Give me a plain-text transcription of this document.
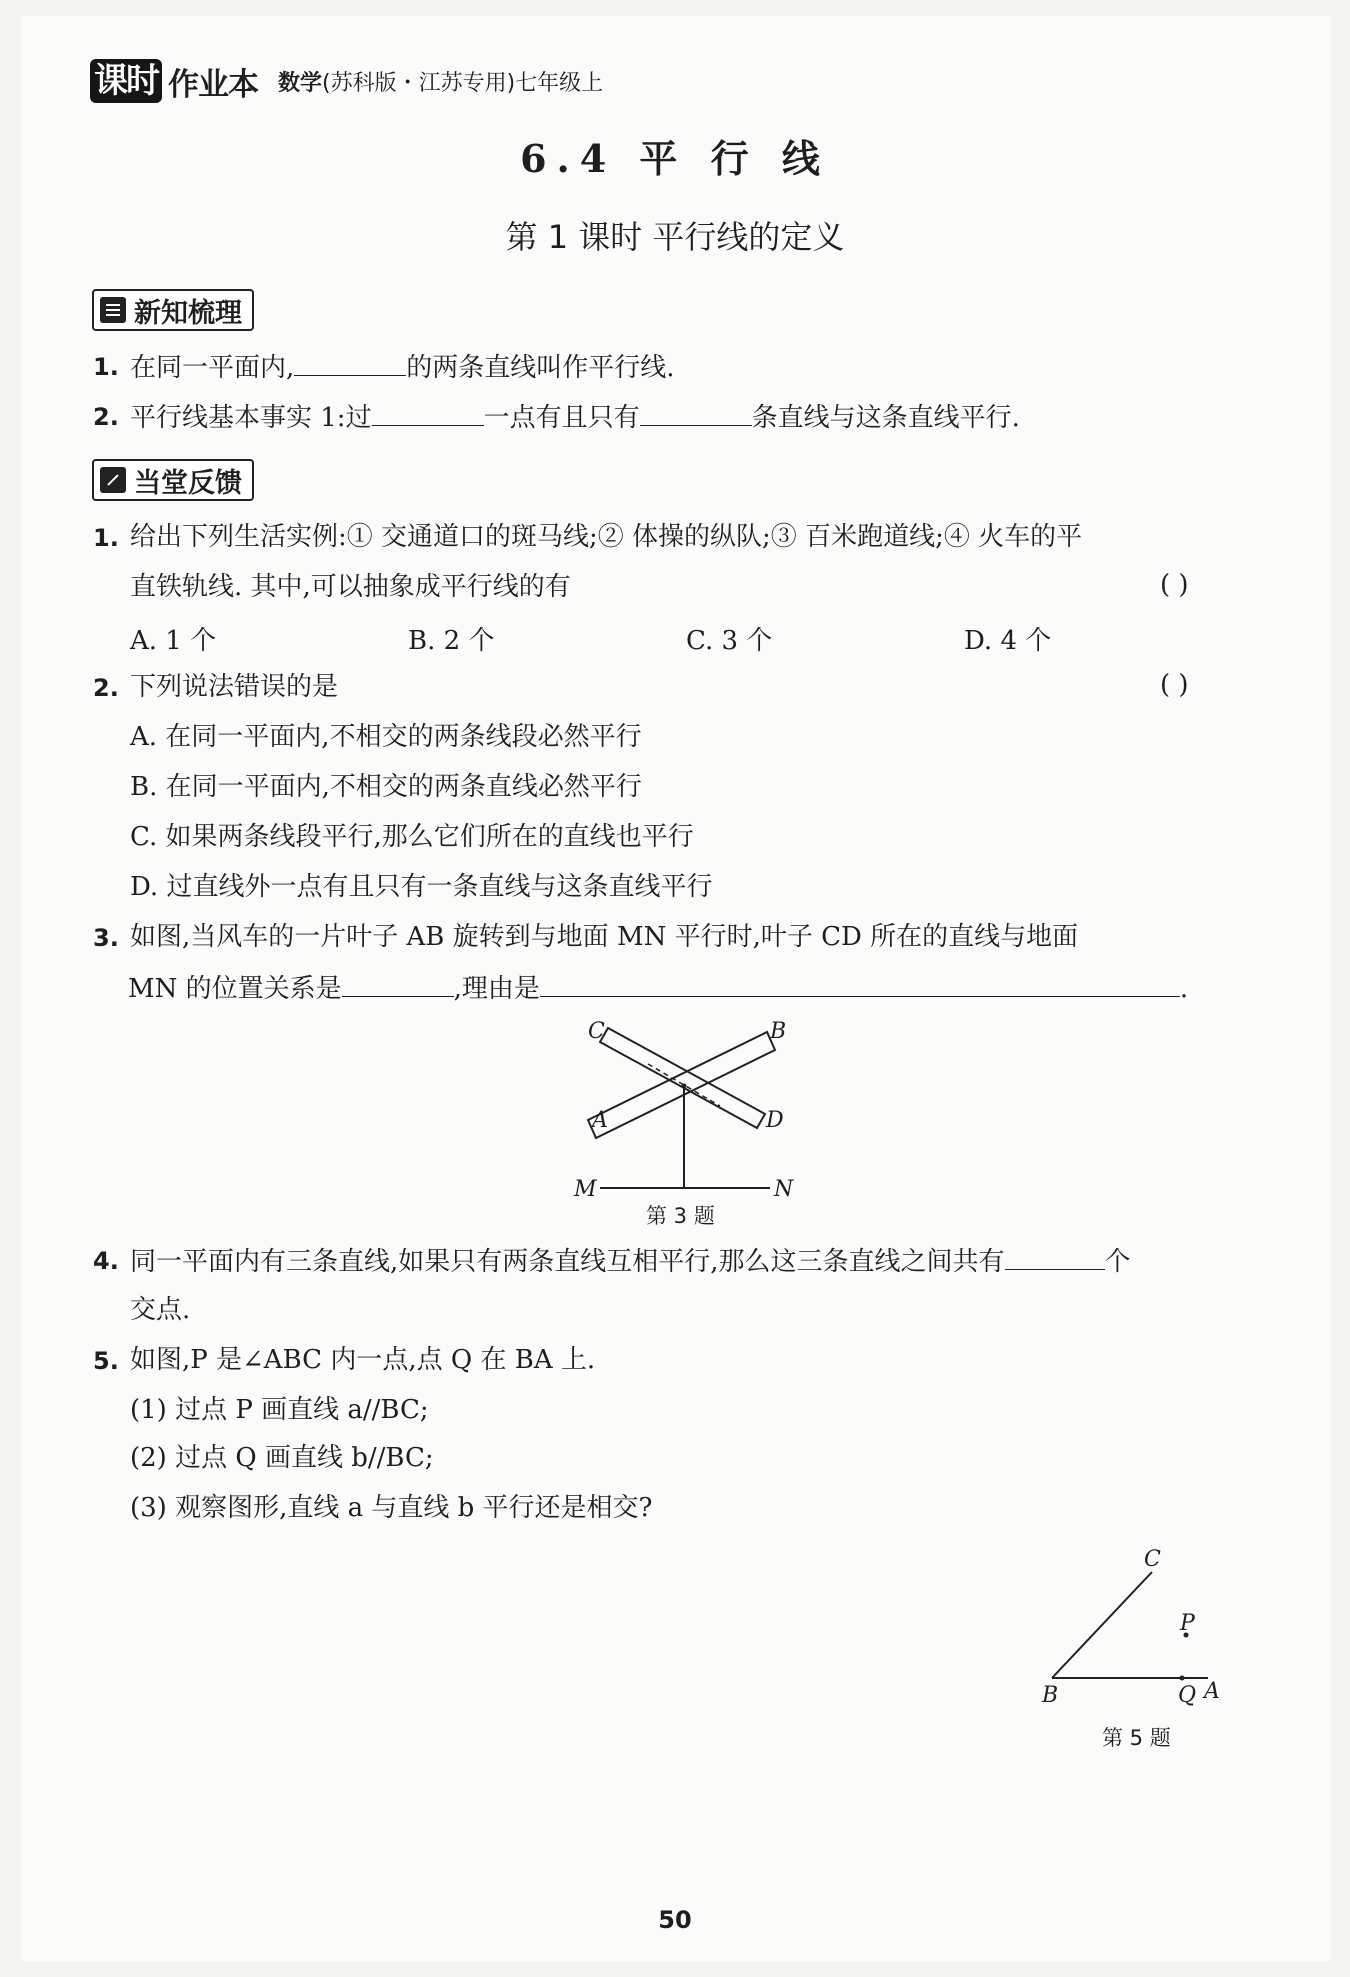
课时 作业本 数学(苏科版・江苏专用)七年级上
6.4 平 行 线
第 1 课时 平行线的定义
新知梳理
1. 在同一平面内,	的两条直线叫作平行线.
2. 平行线基本事实 1:过	一点有且只有	条直线与这条直线平行.
当堂反馈
1. 给出下列生活实例:① 交通道口的斑马线;② 体操的纵队;③ 百米跑道线;④ 火车的平
直铁轨线. 其中,可以抽象成平行线的有	( )
A. 1 个	B. 2 个	C. 3 个	D. 4 个
2. 下列说法错误的是	( )
A. 在同一平面内,不相交的两条线段必然平行
B. 在同一平面内,不相交的两条直线必然平行
C. 如果两条线段平行,那么它们所在的直线也平行
D. 过直线外一点有且只有一条直线与这条直线平行
3. 如图,当风车的一片叶子 AB 旋转到与地面 MN 平行时,叶子 CD 所在的直线与地面
MN 的位置关系是	,理由是	.
C	B
A	D
M	N
第 3 题
4. 同一平面内有三条直线,如果只有两条直线互相平行,那么这三条直线之间共有	个
交点.
5. 如图,P 是∠ABC 内一点,点 Q 在 BA 上.
(1) 过点 P 画直线 a//BC;
(2) 过点 Q 画直线 b//BC;
(3) 观察图形,直线 a 与直线 b 平行还是相交?
C
P
B	Q A
第 5 题
50
